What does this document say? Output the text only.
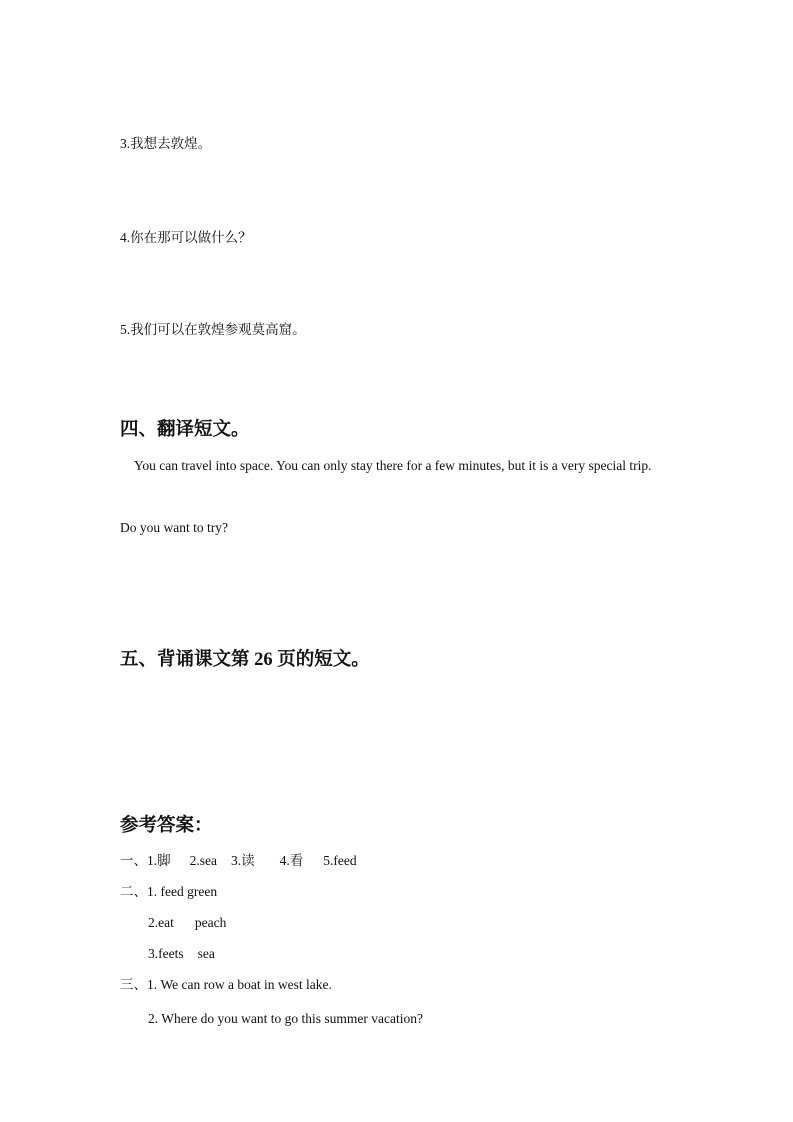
3.我想去敦煌。
4.你在那可以做什么？
5.我们可以在敦煌参观莫高窟。
四、翻译短文。
You can travel into space. You can only stay there for a few minutes, but it is a very special trip.
Do you want to try?
五、背诵课文第 26 页的短文。
参考答案：
一、1.脚 2.sea 3.读 4.看 5.feed
二、1. feed green
2.eat peach
3.feets sea
三、1. We can row a boat in west lake.
2. Where do you want to go this summer vacation?
